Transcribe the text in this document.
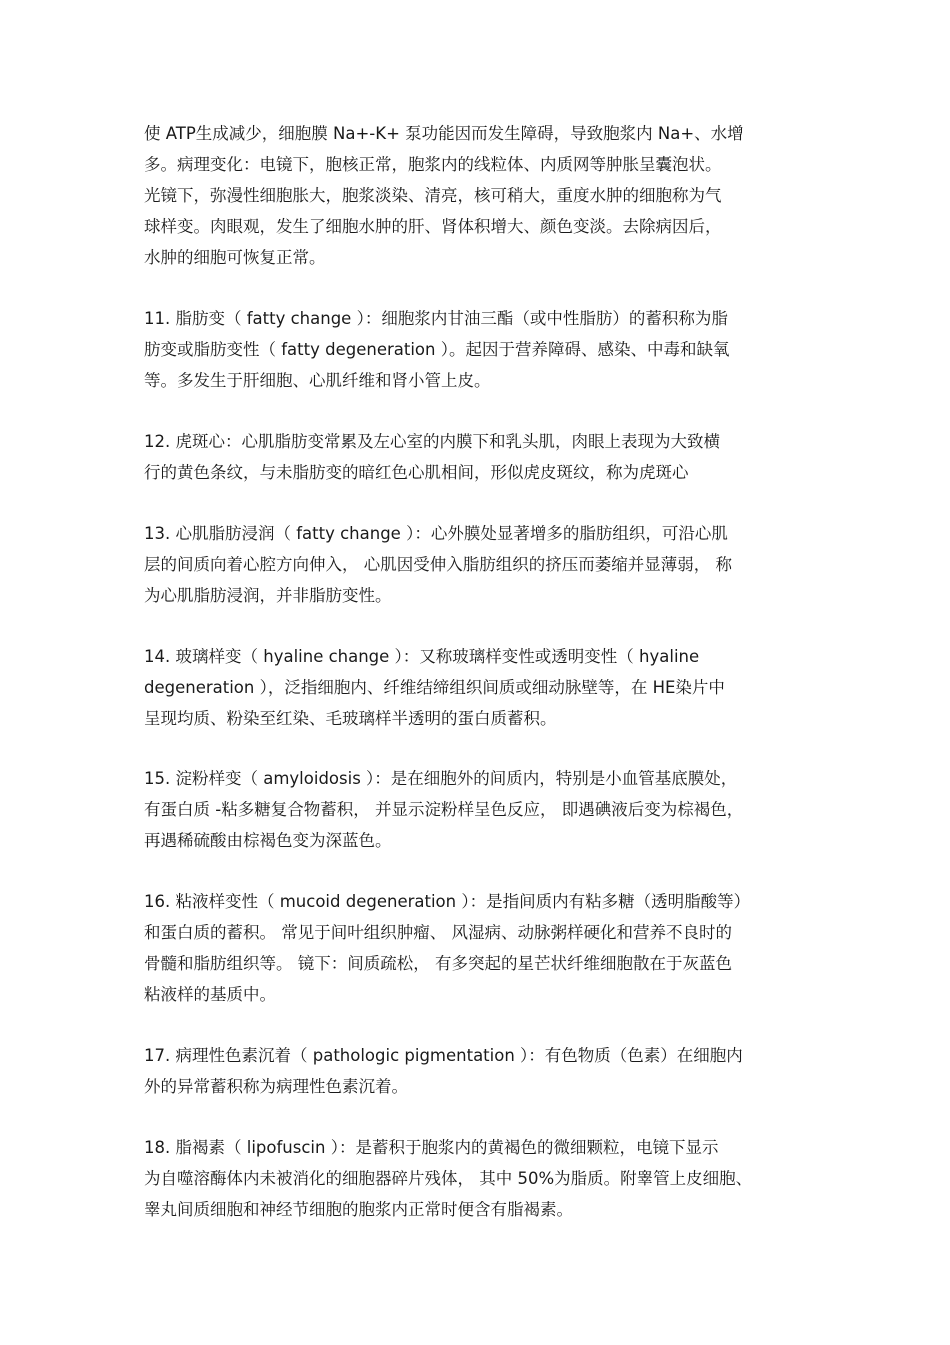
使 ATP生成减少，细胞膜 Na+-K+ 泵功能因而发生障碍，导致胞浆内 Na+、水增
多。病理变化：电镜下，胞核正常，胞浆内的线粒体、内质网等肿胀呈囊泡状。
光镜下，弥漫性细胞胀大，胞浆淡染、清亮，核可稍大，重度水肿的细胞称为气
球样变。肉眼观，发生了细胞水肿的肝、肾体积增大、颜色变淡。去除病因后，
水肿的细胞可恢复正常。
11. 脂肪变（ fatty change ）：细胞浆内甘油三酯（或中性脂肪）的蓄积称为脂
肪变或脂肪变性（ fatty degeneration ）。起因于营养障碍、感染、中毒和缺氧
等。多发生于肝细胞、心肌纤维和肾小管上皮。
12. 虎斑心：心肌脂肪变常累及左心室的内膜下和乳头肌，肉眼上表现为大致横
行的黄色条纹，与未脂肪变的暗红色心肌相间，形似虎皮斑纹，称为虎斑心
13. 心肌脂肪浸润（ fatty change ）：心外膜处显著增多的脂肪组织，可沿心肌
层的间质向着心腔方向伸入， 心肌因受伸入脂肪组织的挤压而萎缩并显薄弱， 称
为心肌脂肪浸润，并非脂肪变性。
14. 玻璃样变（ hyaline change ）：又称玻璃样变性或透明变性（ hyaline
degeneration ），泛指细胞内、纤维结缔组织间质或细动脉壁等，在 HE染片中
呈现均质、粉染至红染、毛玻璃样半透明的蛋白质蓄积。
15. 淀粉样变（ amyloidosis ）：是在细胞外的间质内，特别是小血管基底膜处，
有蛋白质 -粘多糖复合物蓄积， 并显示淀粉样呈色反应， 即遇碘液后变为棕褐色，
再遇稀硫酸由棕褐色变为深蓝色。
16. 粘液样变性（ mucoid degeneration ）：是指间质内有粘多糖（透明脂酸等）
和蛋白质的蓄积。 常见于间叶组织肿瘤、 风湿病、动脉粥样硬化和营养不良时的
骨髓和脂肪组织等。 镜下：间质疏松， 有多突起的星芒状纤维细胞散在于灰蓝色
粘液样的基质中。
17. 病理性色素沉着（ pathologic pigmentation ）：有色物质（色素）在细胞内
外的异常蓄积称为病理性色素沉着。
18. 脂褐素（ lipofuscin ）：是蓄积于胞浆内的黄褐色的微细颗粒，电镜下显示
为自噬溶酶体内未被消化的细胞器碎片残体， 其中 50%为脂质。附睾管上皮细胞、
睾丸间质细胞和神经节细胞的胞浆内正常时便含有脂褐素。
